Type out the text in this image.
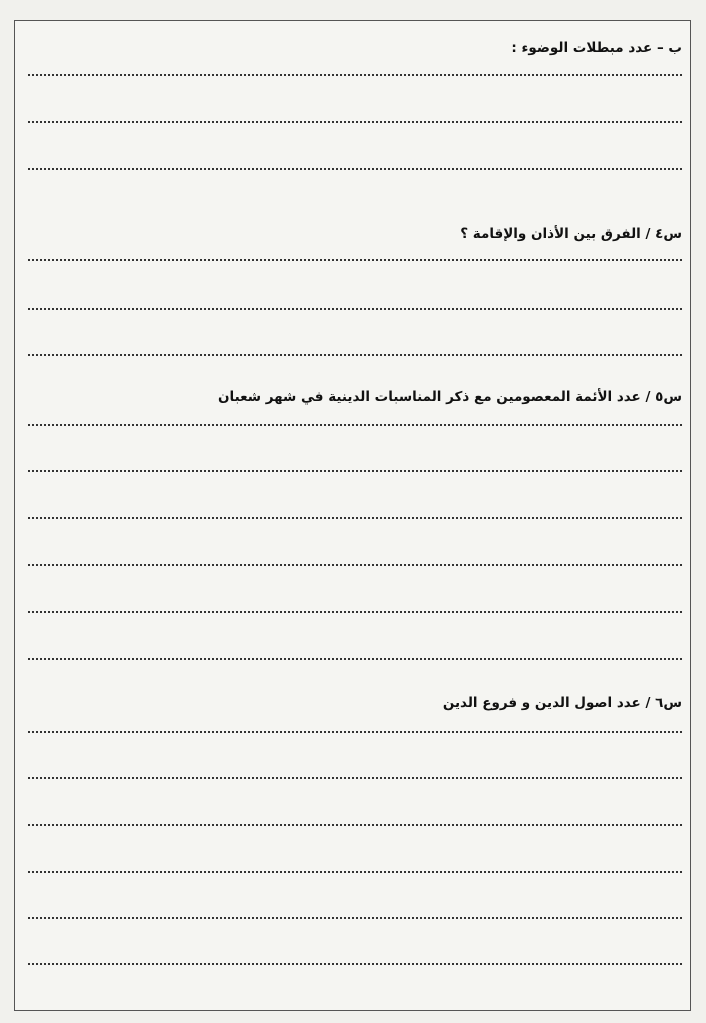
ب – عدد مبطلات الوضوء :
س٤ / الفرق بين الأذان والإقامة ؟
س٥ / عدد الأئمة المعصومين مع ذكر المناسبات الدينية في شهر شعبان
س٦ / عدد اصول الدين و فروع الدين
